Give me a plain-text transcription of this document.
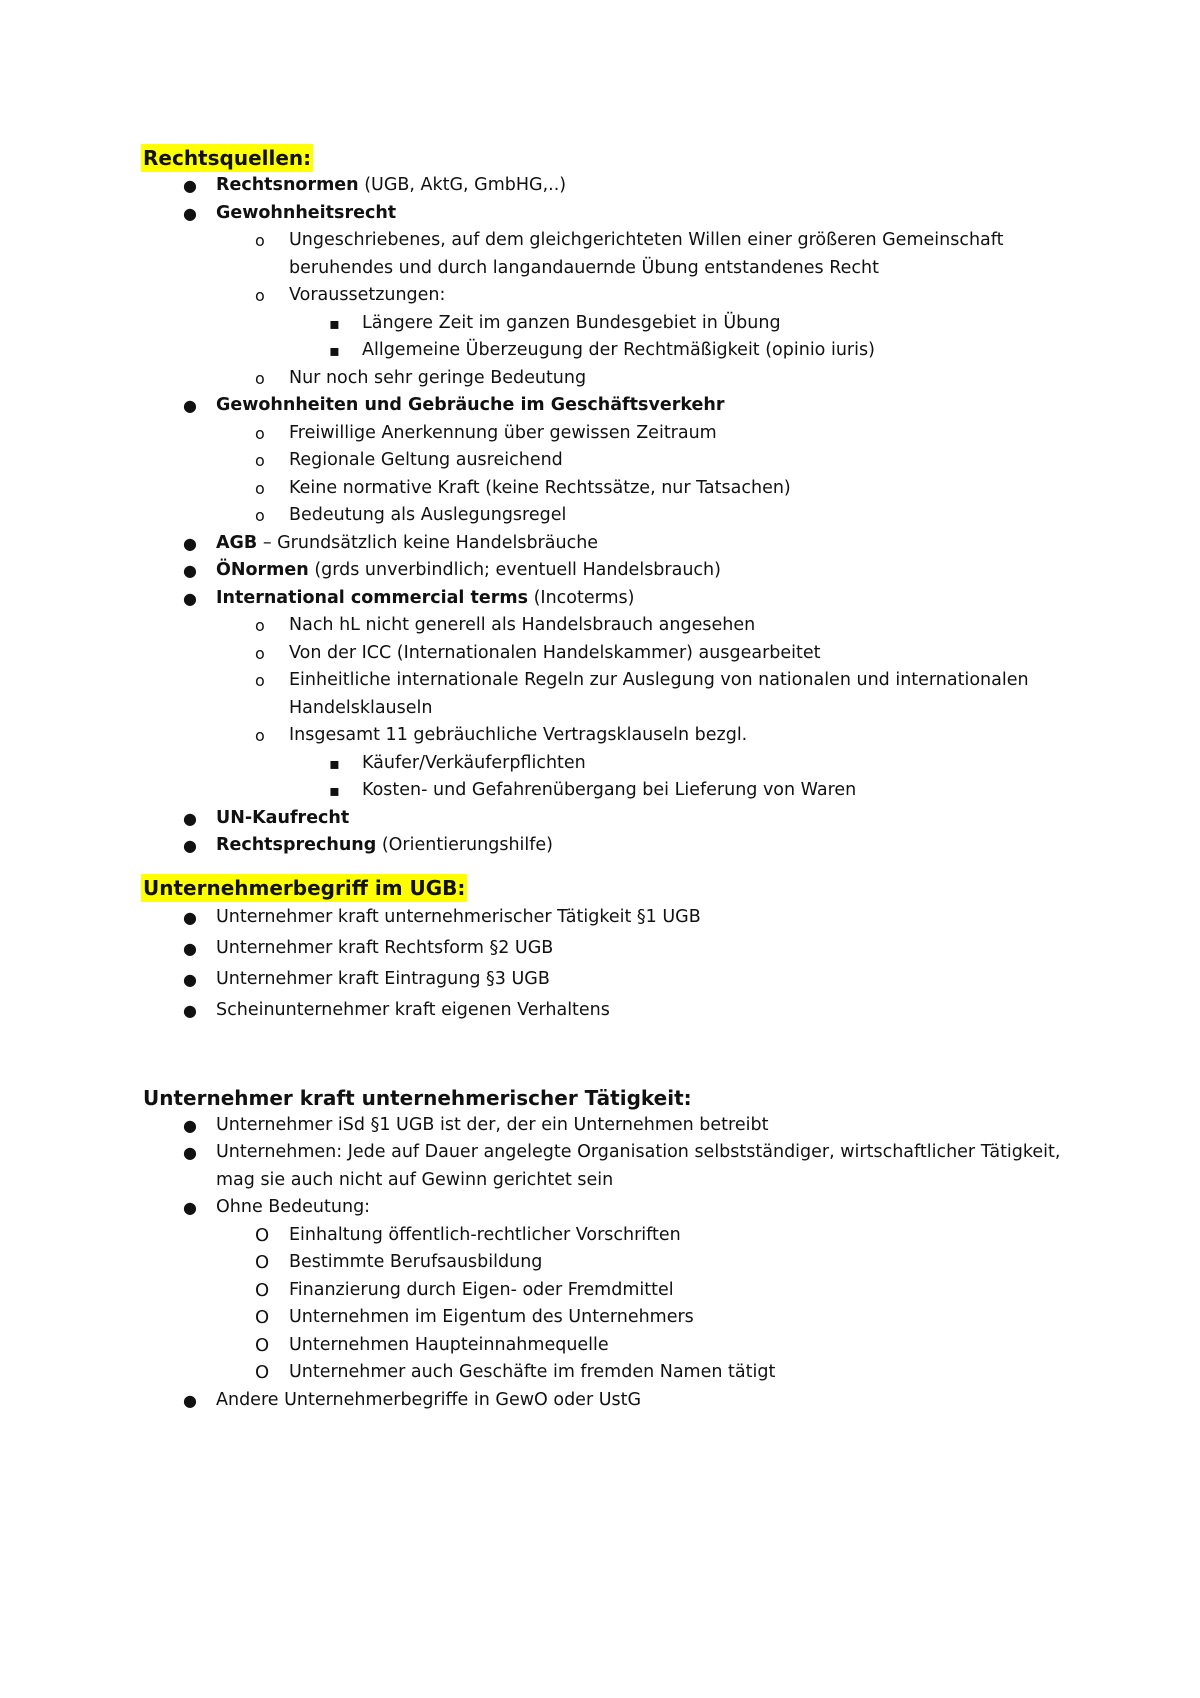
Rechtsquellen:
● Rechtsnormen (UGB, AktG, GmbHG,..)
● Gewohnheitsrecht
o Ungeschriebenes, auf dem gleichgerichteten Willen einer größeren Gemeinschaft beruhendes und durch langandauernde Übung entstandenes Recht
o Voraussetzungen:
▪ Längere Zeit im ganzen Bundesgebiet in Übung
▪ Allgemeine Überzeugung der Rechtmäßigkeit (opinio iuris)
o Nur noch sehr geringe Bedeutung
● Gewohnheiten und Gebräuche im Geschäftsverkehr
o Freiwillige Anerkennung über gewissen Zeitraum
o Regionale Geltung ausreichend
o Keine normative Kraft (keine Rechtssätze, nur Tatsachen)
o Bedeutung als Auslegungsregel
● AGB – Grundsätzlich keine Handelsbräuche
● ÖNormen (grds unverbindlich; eventuell Handelsbrauch)
● International commercial terms (Incoterms)
o Nach hL nicht generell als Handelsbrauch angesehen
o Von der ICC (Internationalen Handelskammer) ausgearbeitet
o Einheitliche internationale Regeln zur Auslegung von nationalen und internationalen Handelsklauseln
o Insgesamt 11 gebräuchliche Vertragsklauseln bezgl.
▪ Käufer/Verkäuferpflichten
▪ Kosten- und Gefahrenübergang bei Lieferung von Waren
● UN-Kaufrecht
● Rechtsprechung (Orientierungshilfe)
Unternehmerbegriff im UGB:
● Unternehmer kraft unternehmerischer Tätigkeit §1 UGB
● Unternehmer kraft Rechtsform §2 UGB
● Unternehmer kraft Eintragung §3 UGB
● Scheinunternehmer kraft eigenen Verhaltens
Unternehmer kraft unternehmerischer Tätigkeit:
● Unternehmer iSd §1 UGB ist der, der ein Unternehmen betreibt
● Unternehmen: Jede auf Dauer angelegte Organisation selbstständiger, wirtschaftlicher Tätigkeit, mag sie auch nicht auf Gewinn gerichtet sein
● Ohne Bedeutung:
O Einhaltung öffentlich-rechtlicher Vorschriften
O Bestimmte Berufsausbildung
O Finanzierung durch Eigen- oder Fremdmittel
O Unternehmen im Eigentum des Unternehmers
O Unternehmen Haupteinnahmequelle
O Unternehmer auch Geschäfte im fremden Namen tätigt
● Andere Unternehmerbegriffe in GewO oder UstG
